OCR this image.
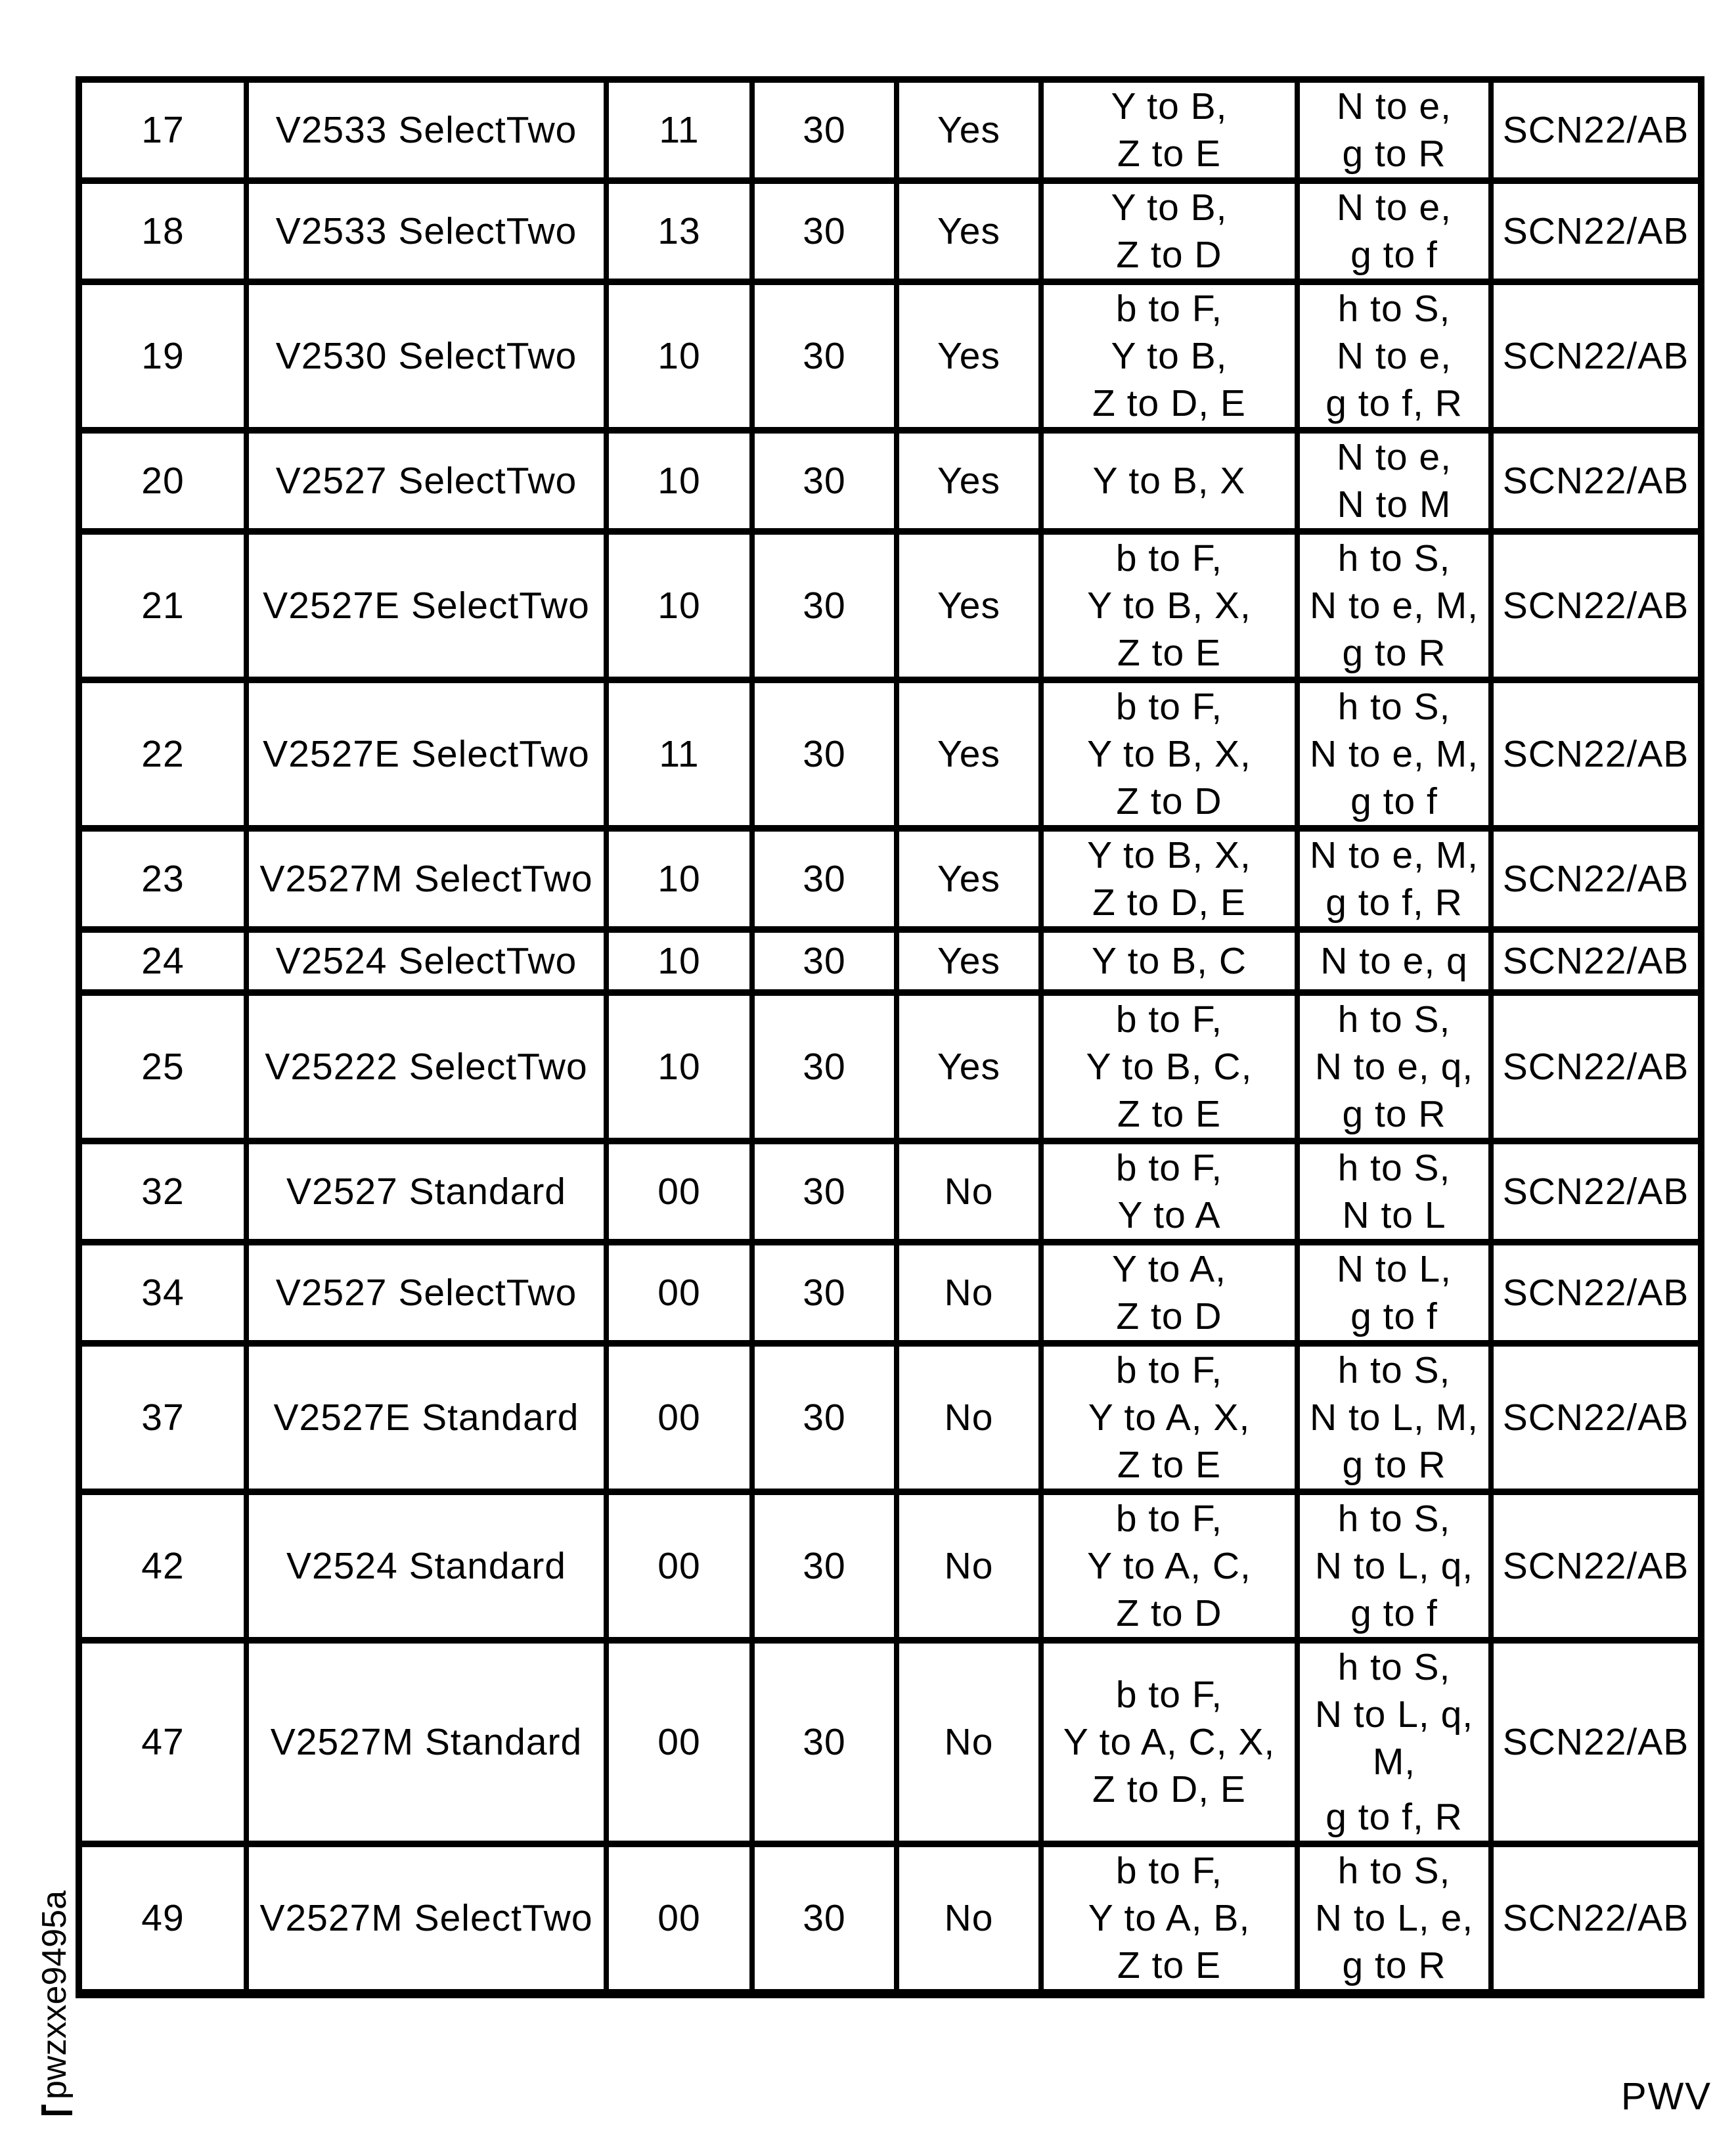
17	V2533 SelectTwo	11	30	Yes	
Y to B,
Z to E

N to e,
g to R
	SCN22/AB
18	V2533 SelectTwo	13	30	Yes	
Y to B,
Z to D

N to e,
g to f
	SCN22/AB
19	V2530 SelectTwo	10	30	Yes	
b to F,
Y to B,
Z to D, E

h to S,
N to e,
g to f, R
	SCN22/AB
20	V2527 SelectTwo	10	30	Yes	Y to B, X	N to e,
N to M	SCN22/AB
21	V2527E SelectTwo	10	30	Yes	
b to F,
Y to B, X,
Z to E

h to S,
N to e, M,
g to R
	SCN22/AB
22	V2527E SelectTwo	11	30	Yes	
b to F,
Y to B, X,
Z to D

h to S,
N to e, M,
g to f
	SCN22/AB
23	V2527M SelectTwo	10	30	Yes	
Y to B, X,
Z to D, E

N to e, M,
g to f, R
	SCN22/AB
24	V2524 SelectTwo	10	30	Yes	Y to B, C	N to e, q	SCN22/AB
25	V25222 SelectTwo	10	30	Yes	
b to F,
Y to B, C,
Z to E

h to S,
N to e, q,
g to R
	SCN22/AB
32	V2527 Standard	00	30	No	
b to F,
Y to A

h to S,
N to L
	SCN22/AB
34	V2527 SelectTwo	00	30	No	
Y to A,
Z to D

N to L,
g to f
	SCN22/AB
37	V2527E Standard	00	30	No	
b to F,
Y to A, X,
Z to E

h to S,
N to L, M,
g to R
	SCN22/AB
42	V2524 Standard	00	30	No	
b to F,
Y to A, C,
Z to D

h to S,
N to L, q,
g to f
	SCN22/AB
47	V2527M Standard	00	30	No	
b to F,
Y to A, C, X,
Z to D, E

h to S,
N to L, q,
M,
g to f, R
	SCN22/AB
49	V2527M SelectTwo	00	30	No	
b to F,
Y to A, B,
Z to E

h to S,
N to L, e,
g to R
	SCN22/AB
pwzxxe9495a	PWV
